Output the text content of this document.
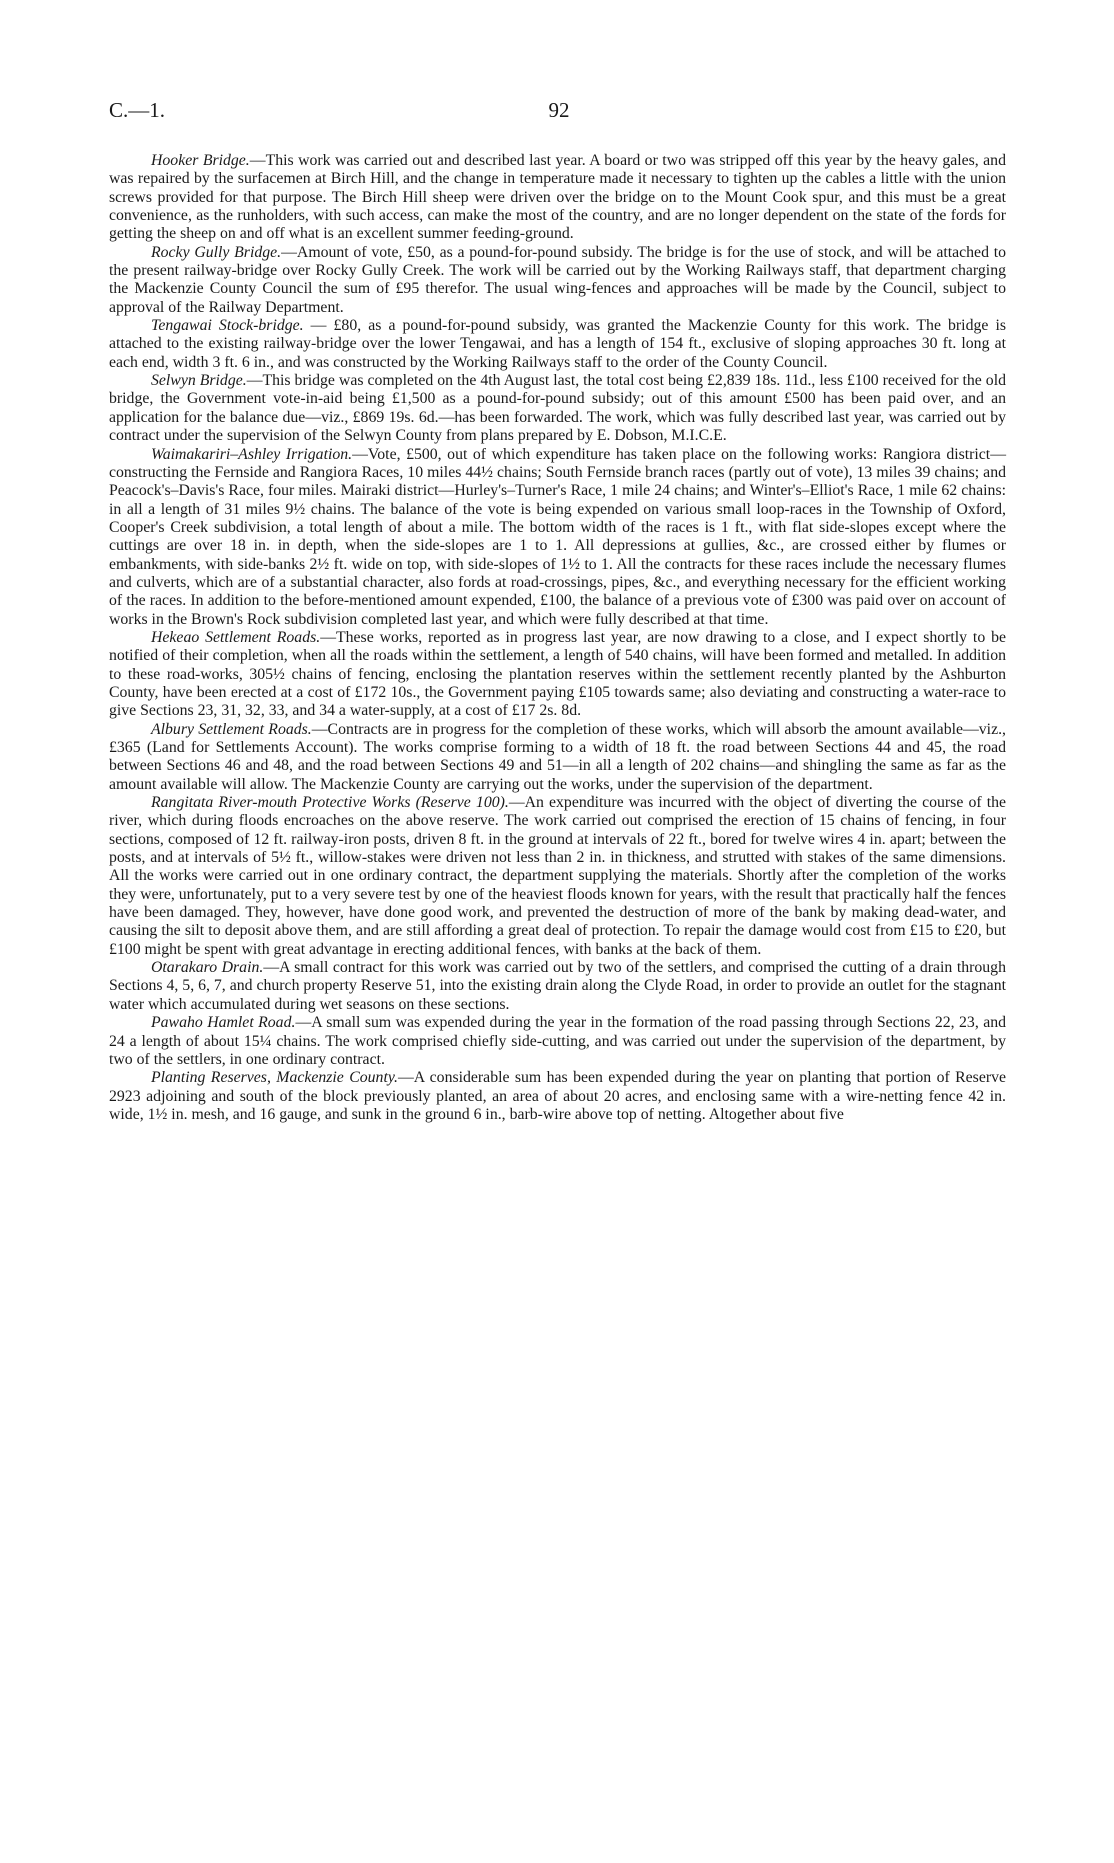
C.—1.	92

Hooker Bridge.—This work was carried out and described last year. A board or two was stripped off this year by the heavy gales, and was repaired by the surfacemen at Birch Hill, and the change in temperature made it necessary to tighten up the cables a little with the union screws provided for that purpose. The Birch Hill sheep were driven over the bridge on to the Mount Cook spur, and this must be a great convenience, as the runholders, with such access, can make the most of the country, and are no longer dependent on the state of the fords for getting the sheep on and off what is an excellent summer feeding-ground.

Rocky Gully Bridge.—Amount of vote, £50, as a pound-for-pound subsidy. The bridge is for the use of stock, and will be attached to the present railway-bridge over Rocky Gully Creek. The work will be carried out by the Working Railways staff, that department charging the Mackenzie County Council the sum of £95 therefor. The usual wing-fences and approaches will be made by the Council, subject to approval of the Railway Department.

Tengawai Stock-bridge. — £80, as a pound-for-pound subsidy, was granted the Mackenzie County for this work. The bridge is attached to the existing railway-bridge over the lower Tengawai, and has a length of 154 ft., exclusive of sloping approaches 30 ft. long at each end, width 3 ft. 6 in., and was constructed by the Working Railways staff to the order of the County Council.

Selwyn Bridge.—This bridge was completed on the 4th August last, the total cost being £2,839 18s. 11d., less £100 received for the old bridge, the Government vote-in-aid being £1,500 as a pound-for-pound subsidy; out of this amount £500 has been paid over, and an application for the balance due—viz., £869 19s. 6d.—has been forwarded. The work, which was fully described last year, was carried out by contract under the supervision of the Selwyn County from plans prepared by E. Dobson, M.I.C.E.

Waimakariri–Ashley Irrigation.—Vote, £500, out of which expenditure has taken place on the following works: Rangiora district—constructing the Fernside and Rangiora Races, 10 miles 44½ chains; South Fernside branch races (partly out of vote), 13 miles 39 chains; and Peacock's–Davis's Race, four miles. Mairaki district—Hurley's–Turner's Race, 1 mile 24 chains; and Winter's–Elliot's Race, 1 mile 62 chains: in all a length of 31 miles 9½ chains. The balance of the vote is being expended on various small loop-races in the Township of Oxford, Cooper's Creek subdivision, a total length of about a mile. The bottom width of the races is 1 ft., with flat side-slopes except where the cuttings are over 18 in. in depth, when the side-slopes are 1 to 1. All depressions at gullies, &c., are crossed either by flumes or embankments, with side-banks 2½ ft. wide on top, with side-slopes of 1½ to 1. All the contracts for these races include the necessary flumes and culverts, which are of a substantial character, also fords at road-crossings, pipes, &c., and everything necessary for the efficient working of the races. In addition to the before-mentioned amount expended, £100, the balance of a previous vote of £300 was paid over on account of works in the Brown's Rock subdivision completed last year, and which were fully described at that time.

Hekeao Settlement Roads.—These works, reported as in progress last year, are now drawing to a close, and I expect shortly to be notified of their completion, when all the roads within the settlement, a length of 540 chains, will have been formed and metalled. In addition to these road-works, 305½ chains of fencing, enclosing the plantation reserves within the settlement recently planted by the Ashburton County, have been erected at a cost of £172 10s., the Government paying £105 towards same; also deviating and constructing a water-race to give Sections 23, 31, 32, 33, and 34 a water-supply, at a cost of £17 2s. 8d.

Albury Settlement Roads.—Contracts are in progress for the completion of these works, which will absorb the amount available—viz., £365 (Land for Settlements Account). The works comprise forming to a width of 18 ft. the road between Sections 44 and 45, the road between Sections 46 and 48, and the road between Sections 49 and 51—in all a length of 202 chains—and shingling the same as far as the amount available will allow. The Mackenzie County are carrying out the works, under the supervision of the department.

Rangitata River-mouth Protective Works (Reserve 100).—An expenditure was incurred with the object of diverting the course of the river, which during floods encroaches on the above reserve. The work carried out comprised the erection of 15 chains of fencing, in four sections, composed of 12 ft. railway-iron posts, driven 8 ft. in the ground at intervals of 22 ft., bored for twelve wires 4 in. apart; between the posts, and at intervals of 5½ ft., willow-stakes were driven not less than 2 in. in thickness, and strutted with stakes of the same dimensions. All the works were carried out in one ordinary contract, the department supplying the materials. Shortly after the completion of the works they were, unfortunately, put to a very severe test by one of the heaviest floods known for years, with the result that practically half the fences have been damaged. They, however, have done good work, and prevented the destruction of more of the bank by making dead-water, and causing the silt to deposit above them, and are still affording a great deal of protection. To repair the damage would cost from £15 to £20, but £100 might be spent with great advantage in erecting additional fences, with banks at the back of them.

Otarakaro Drain.—A small contract for this work was carried out by two of the settlers, and comprised the cutting of a drain through Sections 4, 5, 6, 7, and church property Reserve 51, into the existing drain along the Clyde Road, in order to provide an outlet for the stagnant water which accumulated during wet seasons on these sections.

Pawaho Hamlet Road.—A small sum was expended during the year in the formation of the road passing through Sections 22, 23, and 24 a length of about 15¼ chains. The work comprised chiefly side-cutting, and was carried out under the supervision of the department, by two of the settlers, in one ordinary contract.

Planting Reserves, Mackenzie County.—A considerable sum has been expended during the year on planting that portion of Reserve 2923 adjoining and south of the block previously planted, an area of about 20 acres, and enclosing same with a wire-netting fence 42 in. wide, 1½ in. mesh, and 16 gauge, and sunk in the ground 6 in., barb-wire above top of netting. Altogether about five
